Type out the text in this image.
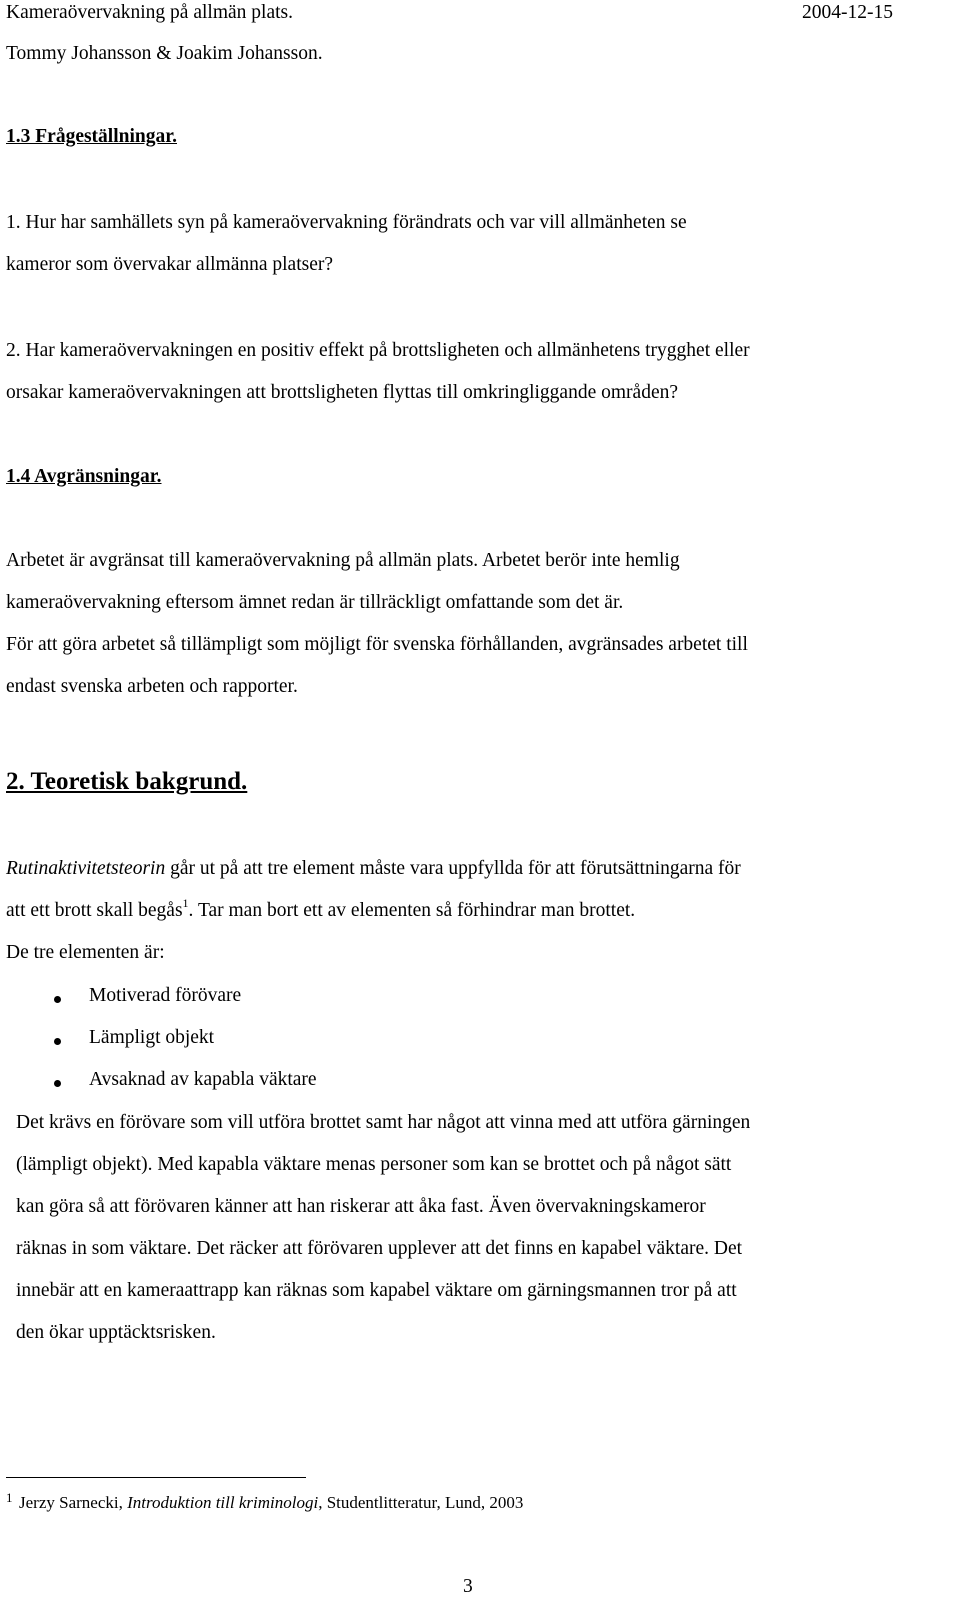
Kameraövervakning på allmän plats.	2004-12-15
Tommy Johansson & Joakim Johansson.
1.3 Frågeställningar.
1. Hur har samhällets syn på kameraövervakning förändrats och var vill allmänheten se
kameror som övervakar allmänna platser?
2. Har kameraövervakningen en positiv effekt på brottsligheten och allmänhetens trygghet eller
orsakar kameraövervakningen att brottsligheten flyttas till omkringliggande områden?
1.4 Avgränsningar.
Arbetet är avgränsat till kameraövervakning på allmän plats. Arbetet berör inte hemlig
kameraövervakning eftersom ämnet redan är tillräckligt omfattande som det är.
För att göra arbetet så tillämpligt som möjligt för svenska förhållanden, avgränsades arbetet till
endast svenska arbeten och rapporter.
2. Teoretisk bakgrund.
Rutinaktivitetsteorin går ut på att tre element måste vara uppfyllda för att förutsättningarna för
att ett brott skall begås$^1$. Tar man bort ett av elementen så förhindrar man brottet.
De tre elementen är:
Motiverad förövare
Lämpligt objekt
Avsaknad av kapabla väktare
Det krävs en förövare som vill utföra brottet samt har något att vinna med att utföra gärningen
(lämpligt objekt). Med kapabla väktare menas personer som kan se brottet och på något sätt
kan göra så att förövaren känner att han riskerar att åka fast. Även övervakningskameror
räknas in som väktare. Det räcker att förövaren upplever att det finns en kapabel väktare. Det
innebär att en kameraattrapp kan räknas som kapabel väktare om gärningsmannen tror på att
den ökar upptäcktsrisken.
1 Jerzy Sarnecki, Introduktion till kriminologi, Studentlitteratur, Lund, 2003
3
